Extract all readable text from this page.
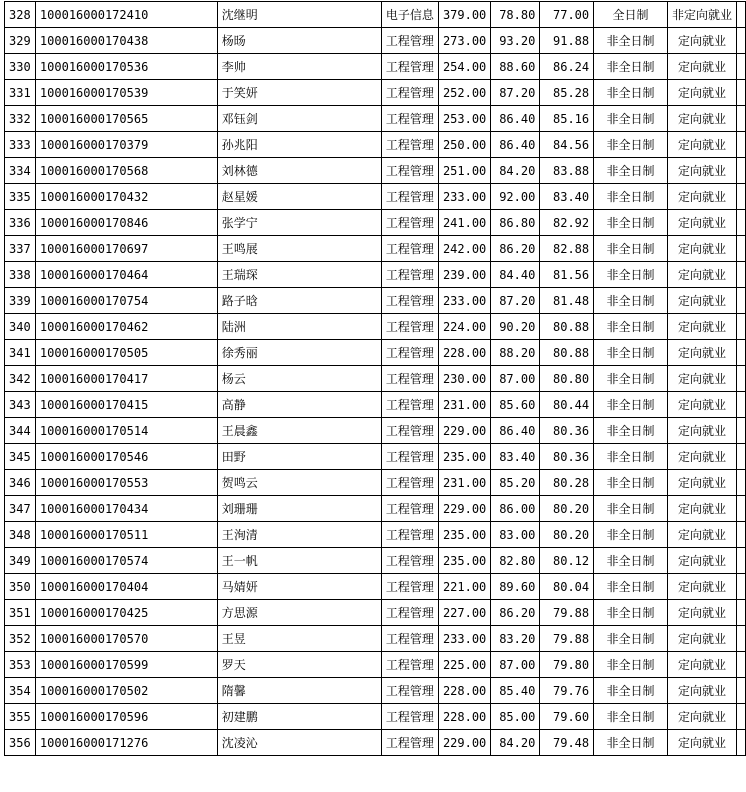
328	100016000172410	沈继明	电子信息	379.00	78.80	77.00	全日制	非定向就业	
329	100016000170438	杨旸	工程管理	273.00	93.20	91.88	非全日制	定向就业	
330	100016000170536	李帅	工程管理	254.00	88.60	86.24	非全日制	定向就业	
331	100016000170539	于笑妍	工程管理	252.00	87.20	85.28	非全日制	定向就业	
332	100016000170565	邓钰剑	工程管理	253.00	86.40	85.16	非全日制	定向就业	
333	100016000170379	孙兆阳	工程管理	250.00	86.40	84.56	非全日制	定向就业	
334	100016000170568	刘林德	工程管理	251.00	84.20	83.88	非全日制	定向就业	
335	100016000170432	赵星媛	工程管理	233.00	92.00	83.40	非全日制	定向就业	
336	100016000170846	张学宁	工程管理	241.00	86.80	82.92	非全日制	定向就业	
337	100016000170697	王鸣展	工程管理	242.00	86.20	82.88	非全日制	定向就业	
338	100016000170464	王瑞琛	工程管理	239.00	84.40	81.56	非全日制	定向就业	
339	100016000170754	路子晗	工程管理	233.00	87.20	81.48	非全日制	定向就业	
340	100016000170462	陆洲	工程管理	224.00	90.20	80.88	非全日制	定向就业	
341	100016000170505	徐秀丽	工程管理	228.00	88.20	80.88	非全日制	定向就业	
342	100016000170417	杨云	工程管理	230.00	87.00	80.80	非全日制	定向就业	
343	100016000170415	高静	工程管理	231.00	85.60	80.44	非全日制	定向就业	
344	100016000170514	王晨鑫	工程管理	229.00	86.40	80.36	非全日制	定向就业	
345	100016000170546	田野	工程管理	235.00	83.40	80.36	非全日制	定向就业	
346	100016000170553	贺鸣云	工程管理	231.00	85.20	80.28	非全日制	定向就业	
347	100016000170434	刘珊珊	工程管理	229.00	86.00	80.20	非全日制	定向就业	
348	100016000170511	王洵清	工程管理	235.00	83.00	80.20	非全日制	定向就业	
349	100016000170574	王一帆	工程管理	235.00	82.80	80.12	非全日制	定向就业	
350	100016000170404	马婧妍	工程管理	221.00	89.60	80.04	非全日制	定向就业	
351	100016000170425	方思源	工程管理	227.00	86.20	79.88	非全日制	定向就业	
352	100016000170570	王昱	工程管理	233.00	83.20	79.88	非全日制	定向就业	
353	100016000170599	罗天	工程管理	225.00	87.00	79.80	非全日制	定向就业	
354	100016000170502	隋馨	工程管理	228.00	85.40	79.76	非全日制	定向就业	
355	100016000170596	初建鹏	工程管理	228.00	85.00	79.60	非全日制	定向就业	
356	100016000171276	沈凌沁	工程管理	229.00	84.20	79.48	非全日制	定向就业	
